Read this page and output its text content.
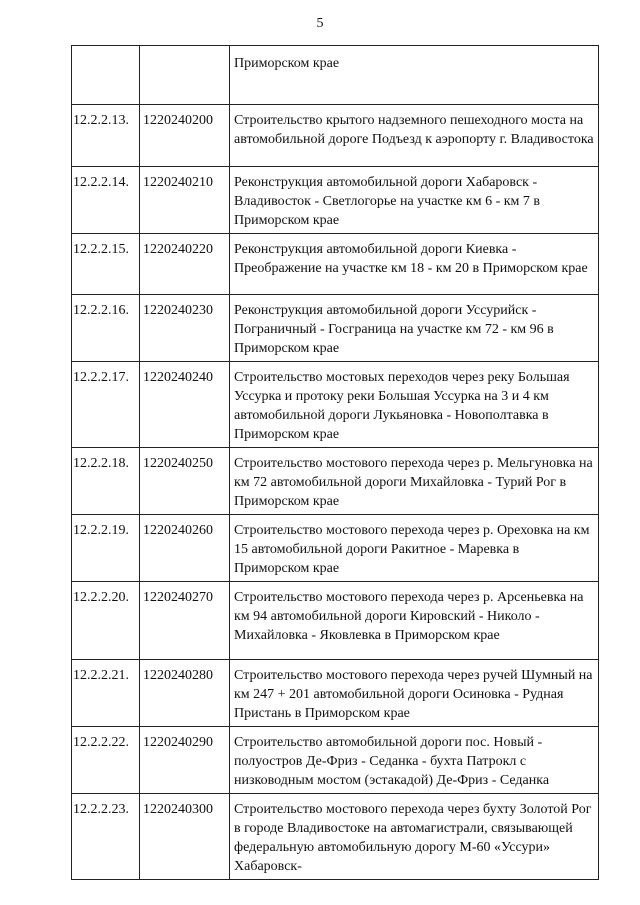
5
		Приморском крае
12.2.2.13.	1220240200	Строительство крытого надземного пешеходного моста на автомобильной дороге Подъезд к аэропорту г. Владивостока
12.2.2.14.	1220240210	Реконструкция автомобильной дороги Хабаровск - Владивосток - Светлогорье на участке км 6 - км 7 в Приморском крае
12.2.2.15.	1220240220	Реконструкция автомобильной дороги Киевка - Преображение на участке км 18 - км 20 в Приморском крае
12.2.2.16.	1220240230	Реконструкция автомобильной дороги Уссурийск - Пограничный - Госграница на участке км 72 - км 96 в Приморском крае
12.2.2.17.	1220240240	Строительство мостовых переходов через реку Большая Уссурка и протоку реки Большая Уссурка на 3 и 4 км автомобильной дороги Лукьяновка - Новополтавка в Приморском крае
12.2.2.18.	1220240250	Строительство мостового перехода через р. Мельгуновка на км 72 автомобильной дороги Михайловка - Турий Рог в Приморском крае
12.2.2.19.	1220240260	Строительство мостового перехода через р. Ореховка на км 15 автомобильной дороги Ракитное - Маревка в Приморском крае
12.2.2.20.	1220240270	Строительство мостового перехода через р. Арсеньевка на км 94 автомобильной дороги Кировский - Николо - Михайловка - Яковлевка в Приморском крае
12.2.2.21.	1220240280	Строительство мостового перехода через ручей Шумный на км 247 + 201 автомобильной дороги Осиновка - Рудная Пристань в Приморском крае
12.2.2.22.	1220240290	Строительство автомобильной дороги пос. Новый - полуостров Де-Фриз - Седанка - бухта Патрокл с низководным мостом (эстакадой) Де-Фриз - Седанка
12.2.2.23.	1220240300	Строительство мостового перехода через бухту Золотой Рог в городе Владивостоке на автомагистрали, связывающей федеральную автомобильную дорогу М-60 «Уссури» Хабаровск-
